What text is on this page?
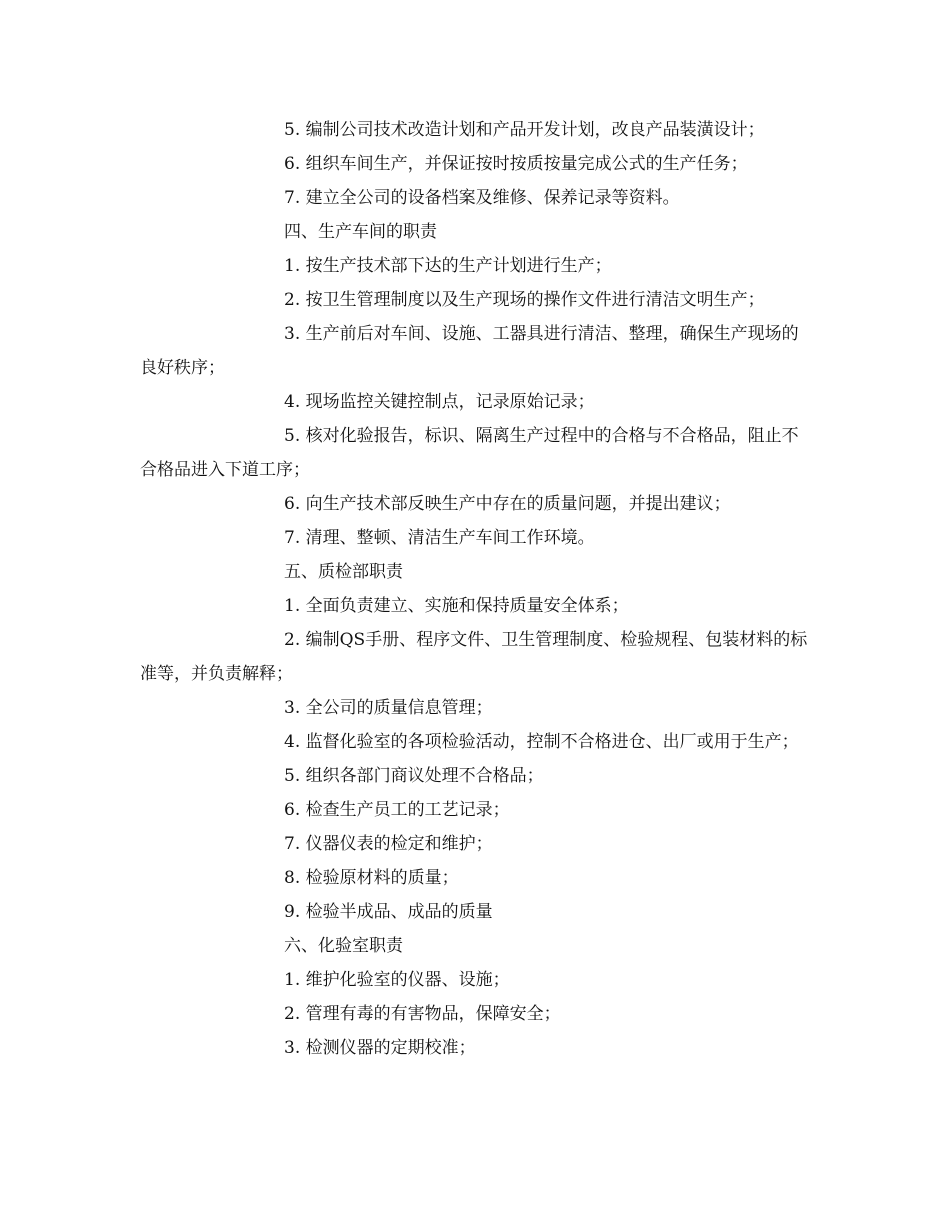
5. 编制公司技术改造计划和产品开发计划，改良产品装潢设计；

6. 组织车间生产，并保证按时按质按量完成公式的生产任务；

7. 建立全公司的设备档案及维修、保养记录等资料。

四、生产车间的职责

1. 按生产技术部下达的生产计划进行生产；

2. 按卫生管理制度以及生产现场的操作文件进行清洁文明生产；

3. 生产前后对车间、设施、工器具进行清洁、整理，确保生产现场的良好秩序；

4. 现场监控关键控制点，记录原始记录；

5. 核对化验报告，标识、隔离生产过程中的合格与不合格品，阻止不合格品进入下道工序；

6. 向生产技术部反映生产中存在的质量问题，并提出建议；

7. 清理、整顿、清洁生产车间工作环境。

五、质检部职责

1. 全面负责建立、实施和保持质量安全体系；

2. 编制QS手册、程序文件、卫生管理制度、检验规程、包装材料的标准等，并负责解释；

3. 全公司的质量信息管理；

4. 监督化验室的各项检验活动，控制不合格进仓、出厂或用于生产；

5. 组织各部门商议处理不合格品；

6. 检查生产员工的工艺记录；

7. 仪器仪表的检定和维护；

8. 检验原材料的质量；

9. 检验半成品、成品的质量

六、化验室职责

1. 维护化验室的仪器、设施；

2. 管理有毒的有害物品，保障安全；

3. 检测仪器的定期校准；
